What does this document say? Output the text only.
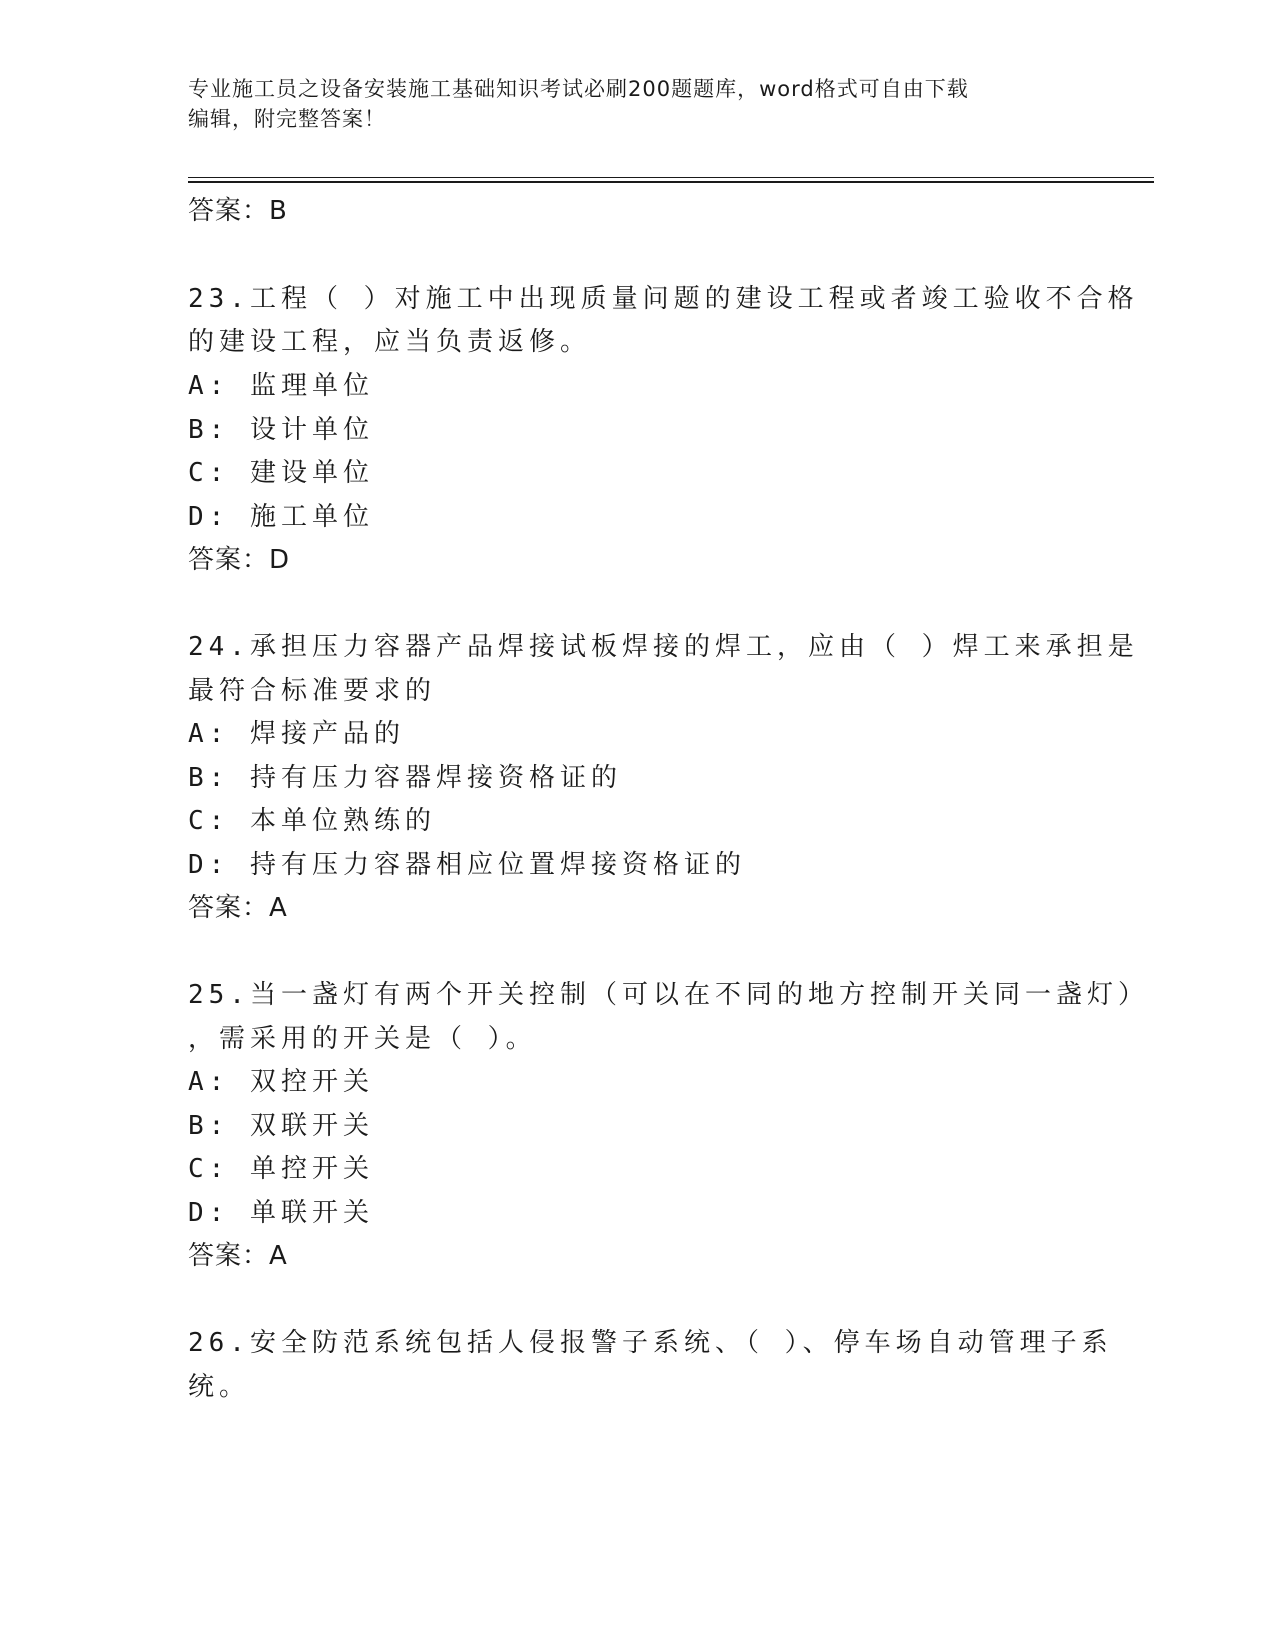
专业施工员之设备安装施工基础知识考试必刷200题题库，word格式可自由下载
编辑，附完整答案！
答案：B
23.工程（ ）对施工中出现质量问题的建设工程或者竣工验收不合格
的建设工程，应当负责返修。
A: 监理单位
B: 设计单位
C: 建设单位
D: 施工单位
答案：D
24.承担压力容器产品焊接试板焊接的焊工，应由（ ）焊工来承担是
最符合标准要求的
A: 焊接产品的
B: 持有压力容器焊接资格证的
C: 本单位熟练的
D: 持有压力容器相应位置焊接资格证的
答案：A
25.当一盏灯有两个开关控制（可以在不同的地方控制开关同一盏灯）
，需采用的开关是（ ）。
A: 双控开关
B: 双联开关
C: 单控开关
D: 单联开关
答案：A
26.安全防范系统包括人侵报警子系统、（ ）、停车场自动管理子系
统。
